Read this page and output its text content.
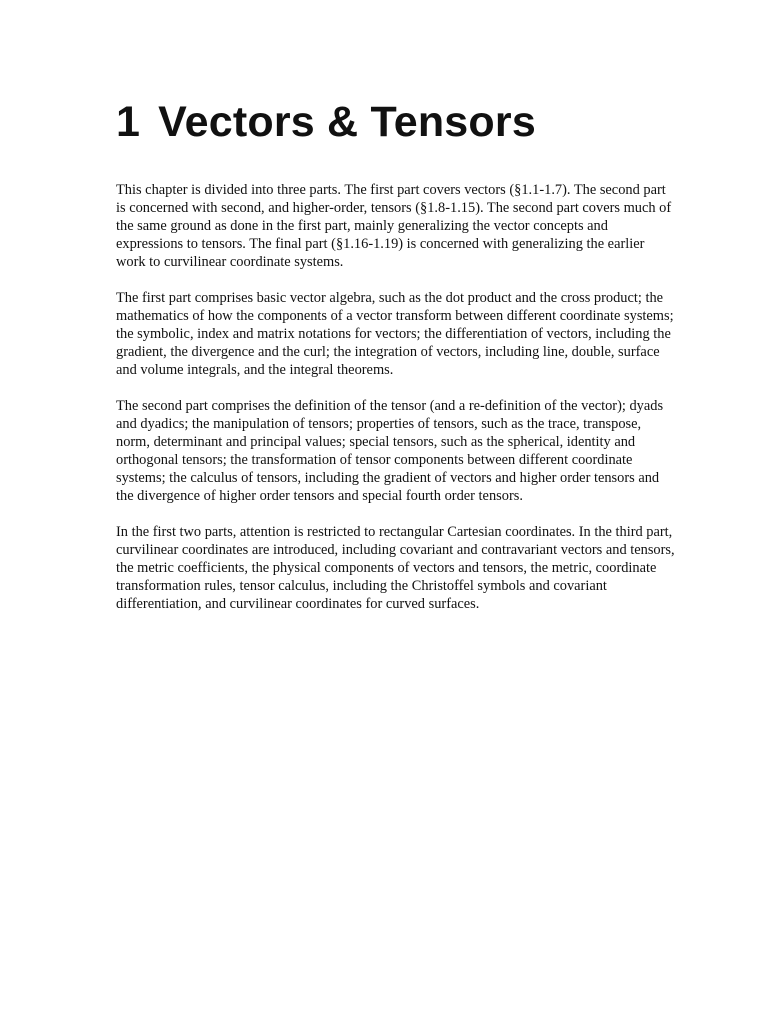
1 Vectors & Tensors

This chapter is divided into three parts. The first part covers vectors (§1.1-1.7). The second part is concerned with second, and higher-order, tensors (§1.8-1.15). The second part covers much of the same ground as done in the first part, mainly generalizing the vector concepts and expressions to tensors. The final part (§1.16-1.19) is concerned with generalizing the earlier work to curvilinear coordinate systems.

The first part comprises basic vector algebra, such as the dot product and the cross product; the mathematics of how the components of a vector transform between different coordinate systems; the symbolic, index and matrix notations for vectors; the differentiation of vectors, including the gradient, the divergence and the curl; the integration of vectors, including line, double, surface and volume integrals, and the integral theorems.

The second part comprises the definition of the tensor (and a re-definition of the vector); dyads and dyadics; the manipulation of tensors; properties of tensors, such as the trace, transpose, norm, determinant and principal values; special tensors, such as the spherical, identity and orthogonal tensors; the transformation of tensor components between different coordinate systems; the calculus of tensors, including the gradient of vectors and higher order tensors and the divergence of higher order tensors and special fourth order tensors.

In the first two parts, attention is restricted to rectangular Cartesian coordinates. In the third part, curvilinear coordinates are introduced, including covariant and contravariant vectors and tensors, the metric coefficients, the physical components of vectors and tensors, the metric, coordinate transformation rules, tensor calculus, including the Christoffel symbols and covariant differentiation, and curvilinear coordinates for curved surfaces.
